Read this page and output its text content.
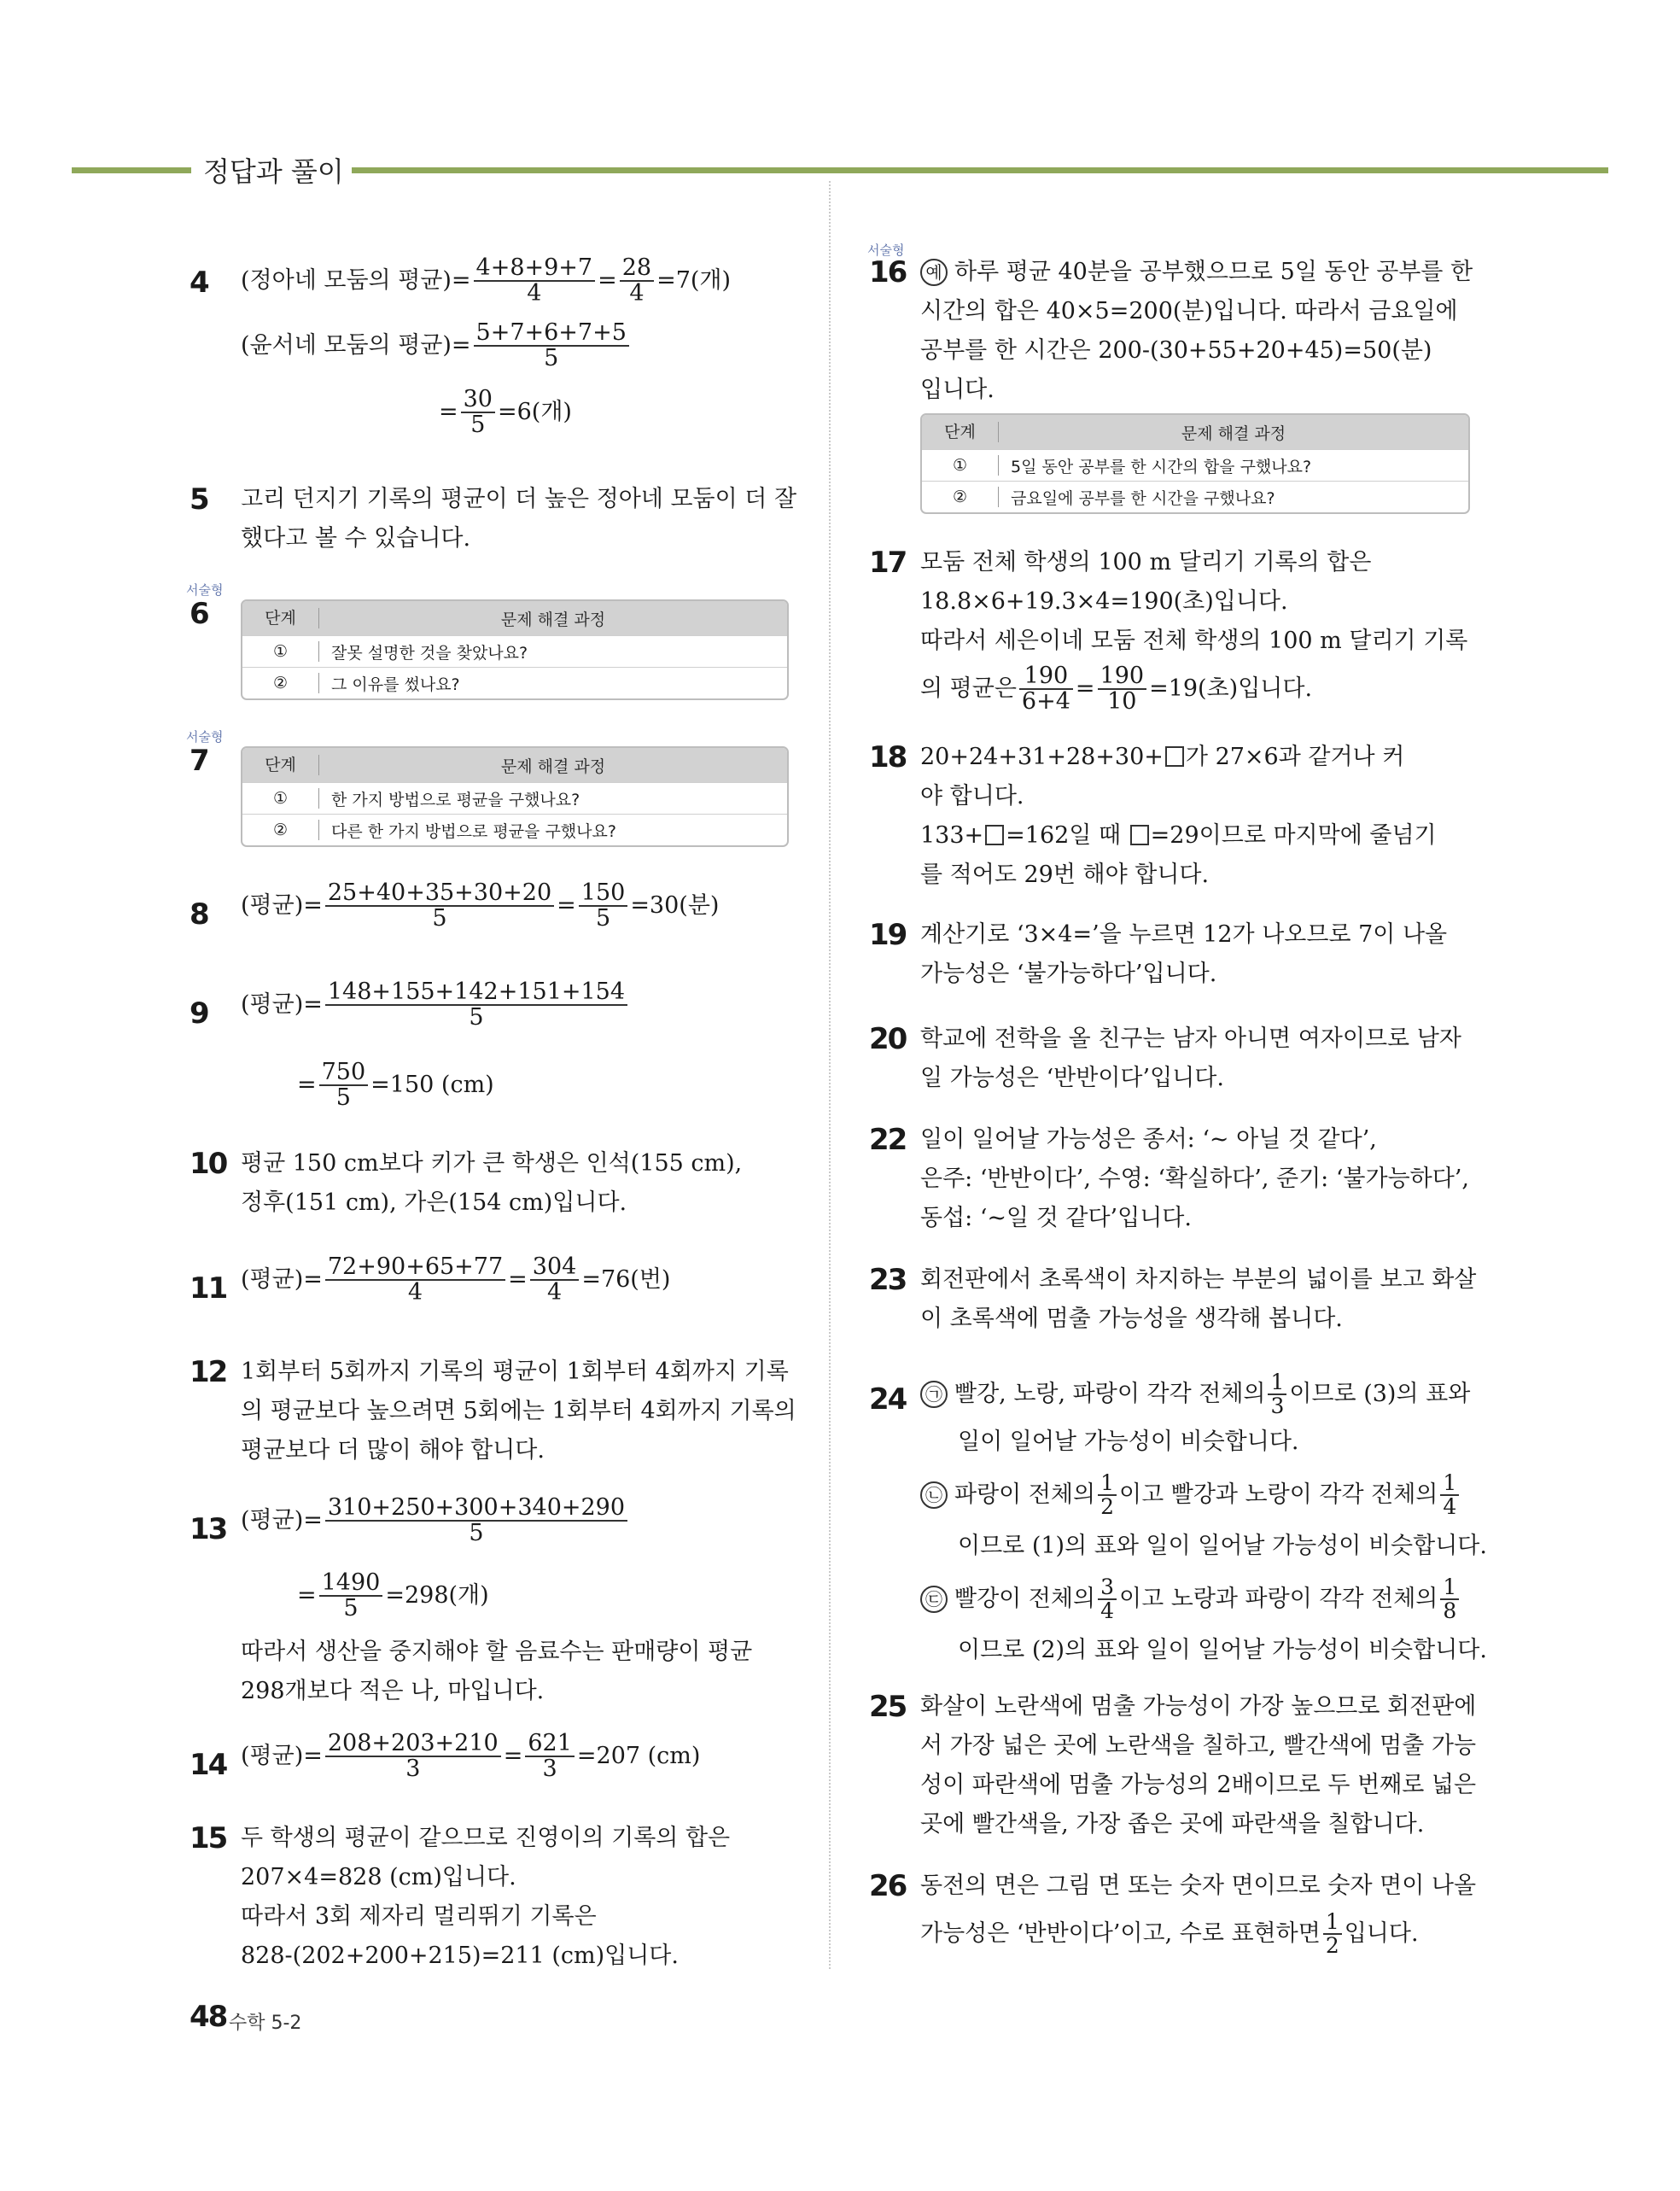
정답과 풀이
4 (정아네 모둠의 평균)= $\frac{4+8+9+7}{4} = \frac{28}{4} =7$(개)
(윤서네 모둠의 평균)= $\frac{5+7+6+7+5}{5}$
= $\frac{30}{5} =6$(개)
5 고리 던지기 기록의 평균이 더 높은 정아네 모둠이 더 잘
했다고 볼 수 있습니다.
서술형
6	단계	문제 해결 과정
①	잘못 설명한 것을 찾았나요?
②	그 이유를 썼나요?
서술형
7	단계	문제 해결 과정
①	한 가지 방법으로 평균을 구했나요?
②	다른 한 가지 방법으로 평균을 구했나요?
8 (평균)= $\frac{25+40+35+30+20}{5} = \frac{150}{5} =30$(분)
9 (평균)= $\frac{148+155+142+151+154}{5}$
= $\frac{750}{5} =150$ (cm)
10 평균 150 cm보다 키가 큰 학생은 인석(155 cm),
정후(151 cm), 가은(154 cm)입니다.
11 (평균)= $\frac{72+90+65+77}{4} = \frac{304}{4} =76$(번)
12 1회부터 5회까지 기록의 평균이 1회부터 4회까지 기록
의 평균보다 높으려면 5회에는 1회부터 4회까지 기록의
평균보다 더 많이 해야 합니다.
13 (평균)= $\frac{310+250+300+340+290}{5}$
= $\frac{1490}{5} =298$(개)
따라서 생산을 중지해야 할 음료수는 판매량이 평균
298개보다 적은 나, 마입니다.
14 (평균)= $\frac{208+203+210}{3} = \frac{621}{3} =207$ (cm)
15 두 학생의 평균이 같으므로 진영이의 기록의 합은
207×4=828 (cm)입니다.
따라서 3회 제자리 멀리뛰기 기록은
828-(202+200+215)=211 (cm)입니다.
48 수학 5-2
서술형
16	예 하루 평균 40분을 공부했으므로 5일 동안 공부를 한
시간의 합은 40×5=200(분)입니다. 따라서 금요일에
공부를 한 시간은 200-(30+55+20+45)=50(분)
입니다.
단계	문제 해결 과정
①	5일 동안 공부를 한 시간의 합을 구했나요?
②	금요일에 공부를 한 시간을 구했나요?
17 모둠 전체 학생의 100 m 달리기 기록의 합은
18.8×6+19.3×4=190(초)입니다.
따라서 세은이네 모둠 전체 학생의 100 m 달리기 기록
의 평균은 $\frac{190}{6+4} = \frac{190}{10} =19$(초)입니다.
18 20+24+31+28+30+ 가 27×6과 같거나 커
야 합니다.
133+ =162일 때 =29이므로 마지막에 줄넘기
를 적어도 29번 해야 합니다.
19 계산기로 ‘3×4=’을 누르면 12가 나오므로 7이 나올
가능성은 ‘불가능하다’입니다.
20 학교에 전학을 올 친구는 남자 아니면 여자이므로 남자
일 가능성은 ‘반반이다’입니다.
22 일이 일어날 가능성은 종서: ‘~ 아닐 것 같다’,
은주: ‘반반이다’, 수영: ‘확실하다’, 준기: ‘불가능하다’,
동섭: ‘~일 것 같다’입니다.
23 회전판에서 초록색이 차지하는 부분의 넓이를 보고 화살
이 초록색에 멈출 가능성을 생각해 봅니다.
24	㉠ 빨강, 노랑, 파랑이 각각 전체의 $\frac{1}{3}$ 이므로 (3)의 표와
일이 일어날 가능성이 비슷합니다.
㉡ 파랑이 전체의 $\frac{1}{2}$ 이고 빨강과 노랑이 각각 전체의 $\frac{1}{4}$
이므로 (1)의 표와 일이 일어날 가능성이 비슷합니다.
㉢ 빨강이 전체의 $\frac{3}{4}$ 이고 노랑과 파랑이 각각 전체의 $\frac{1}{8}$
이므로 (2)의 표와 일이 일어날 가능성이 비슷합니다.
25 화살이 노란색에 멈출 가능성이 가장 높으므로 회전판에
서 가장 넓은 곳에 노란색을 칠하고, 빨간색에 멈출 가능
성이 파란색에 멈출 가능성의 2배이므로 두 번째로 넓은
곳에 빨간색을, 가장 좁은 곳에 파란색을 칠합니다.
26 동전의 면은 그림 면 또는 숫자 면이므로 숫자 면이 나올
가능성은 ‘반반이다’이고, 수로 표현하면 $\frac{1}{2}$ 입니다.
